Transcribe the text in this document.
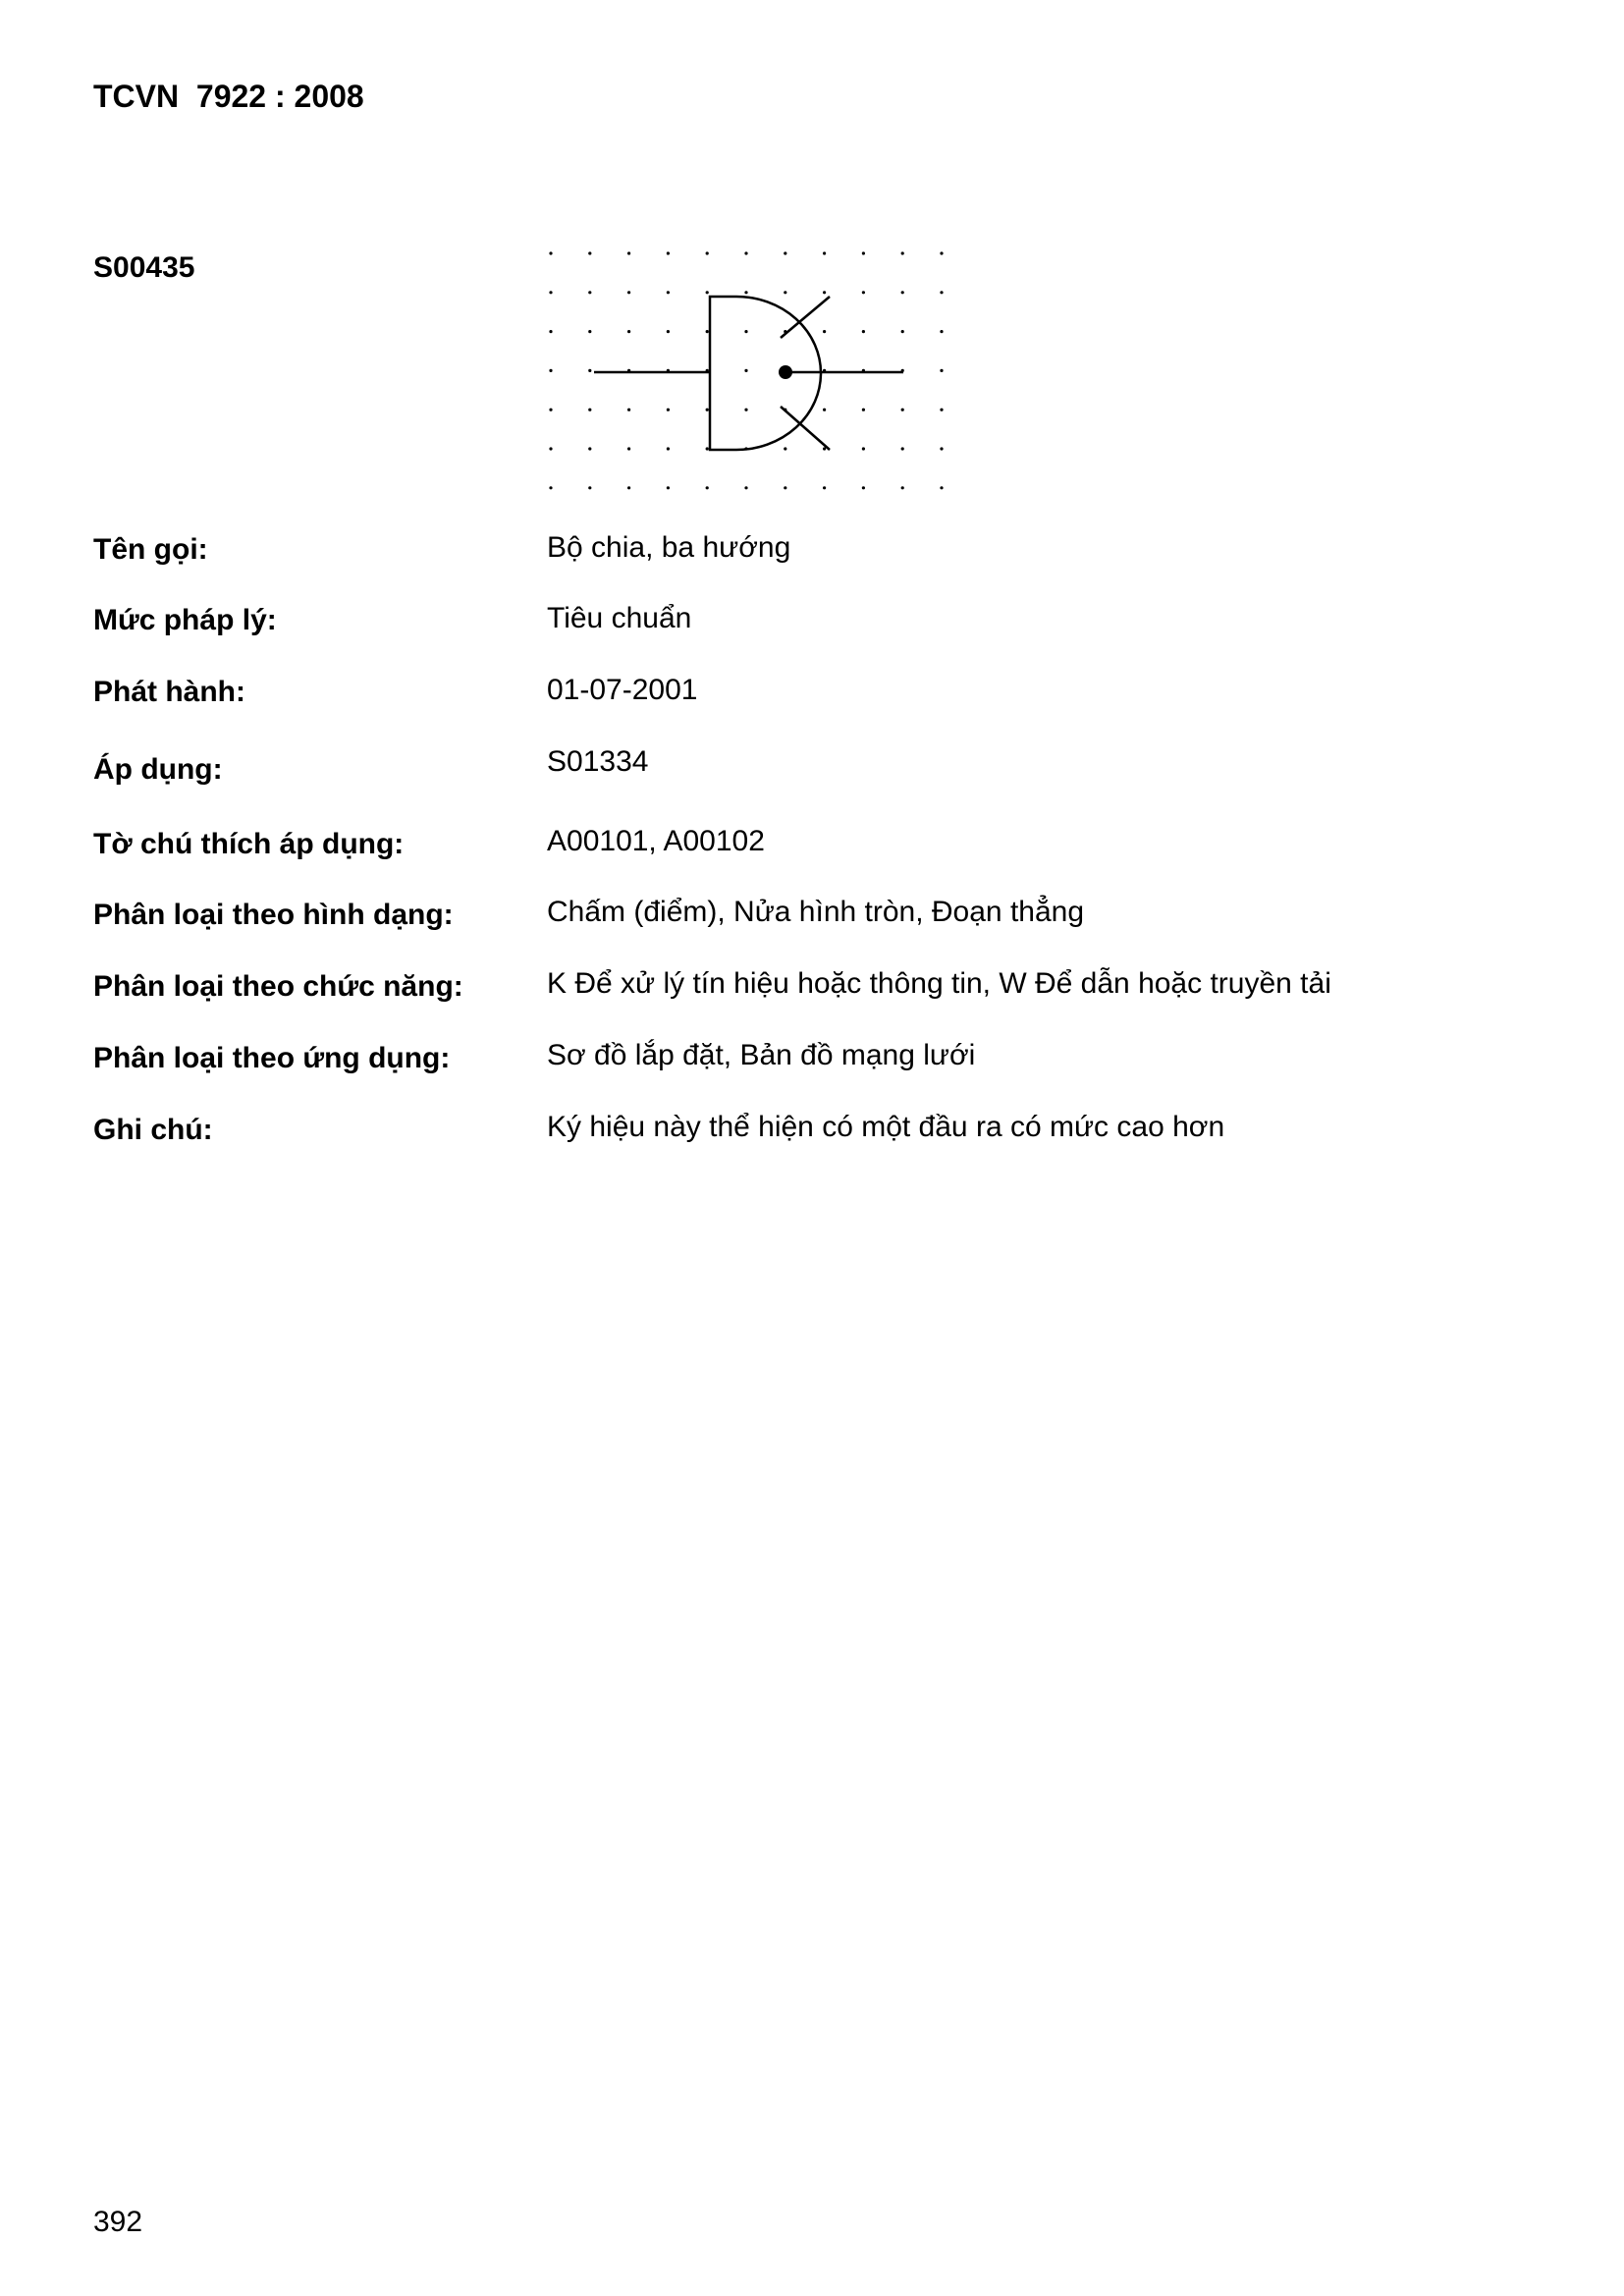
TCVN  7922 : 2008
S00435
Tên gọi:	Bộ chia, ba hướng
Mức pháp lý:	Tiêu chuẩn
Phát hành:	01-07-2001
Áp dụng:	S01334
Tờ chú thích áp dụng:	A00101, A00102
Phân loại theo hình dạng:	Chấm (điểm), Nửa hình tròn, Đoạn thẳng
Phân loại theo chức năng:	K Để xử lý tín hiệu hoặc thông tin, W Để dẫn hoặc truyền tải
Phân loại theo ứng dụng:	Sơ đồ lắp đặt, Bản đồ mạng lưới
Ghi chú:	Ký hiệu này thể hiện có một đầu ra có mức cao hơn
392
